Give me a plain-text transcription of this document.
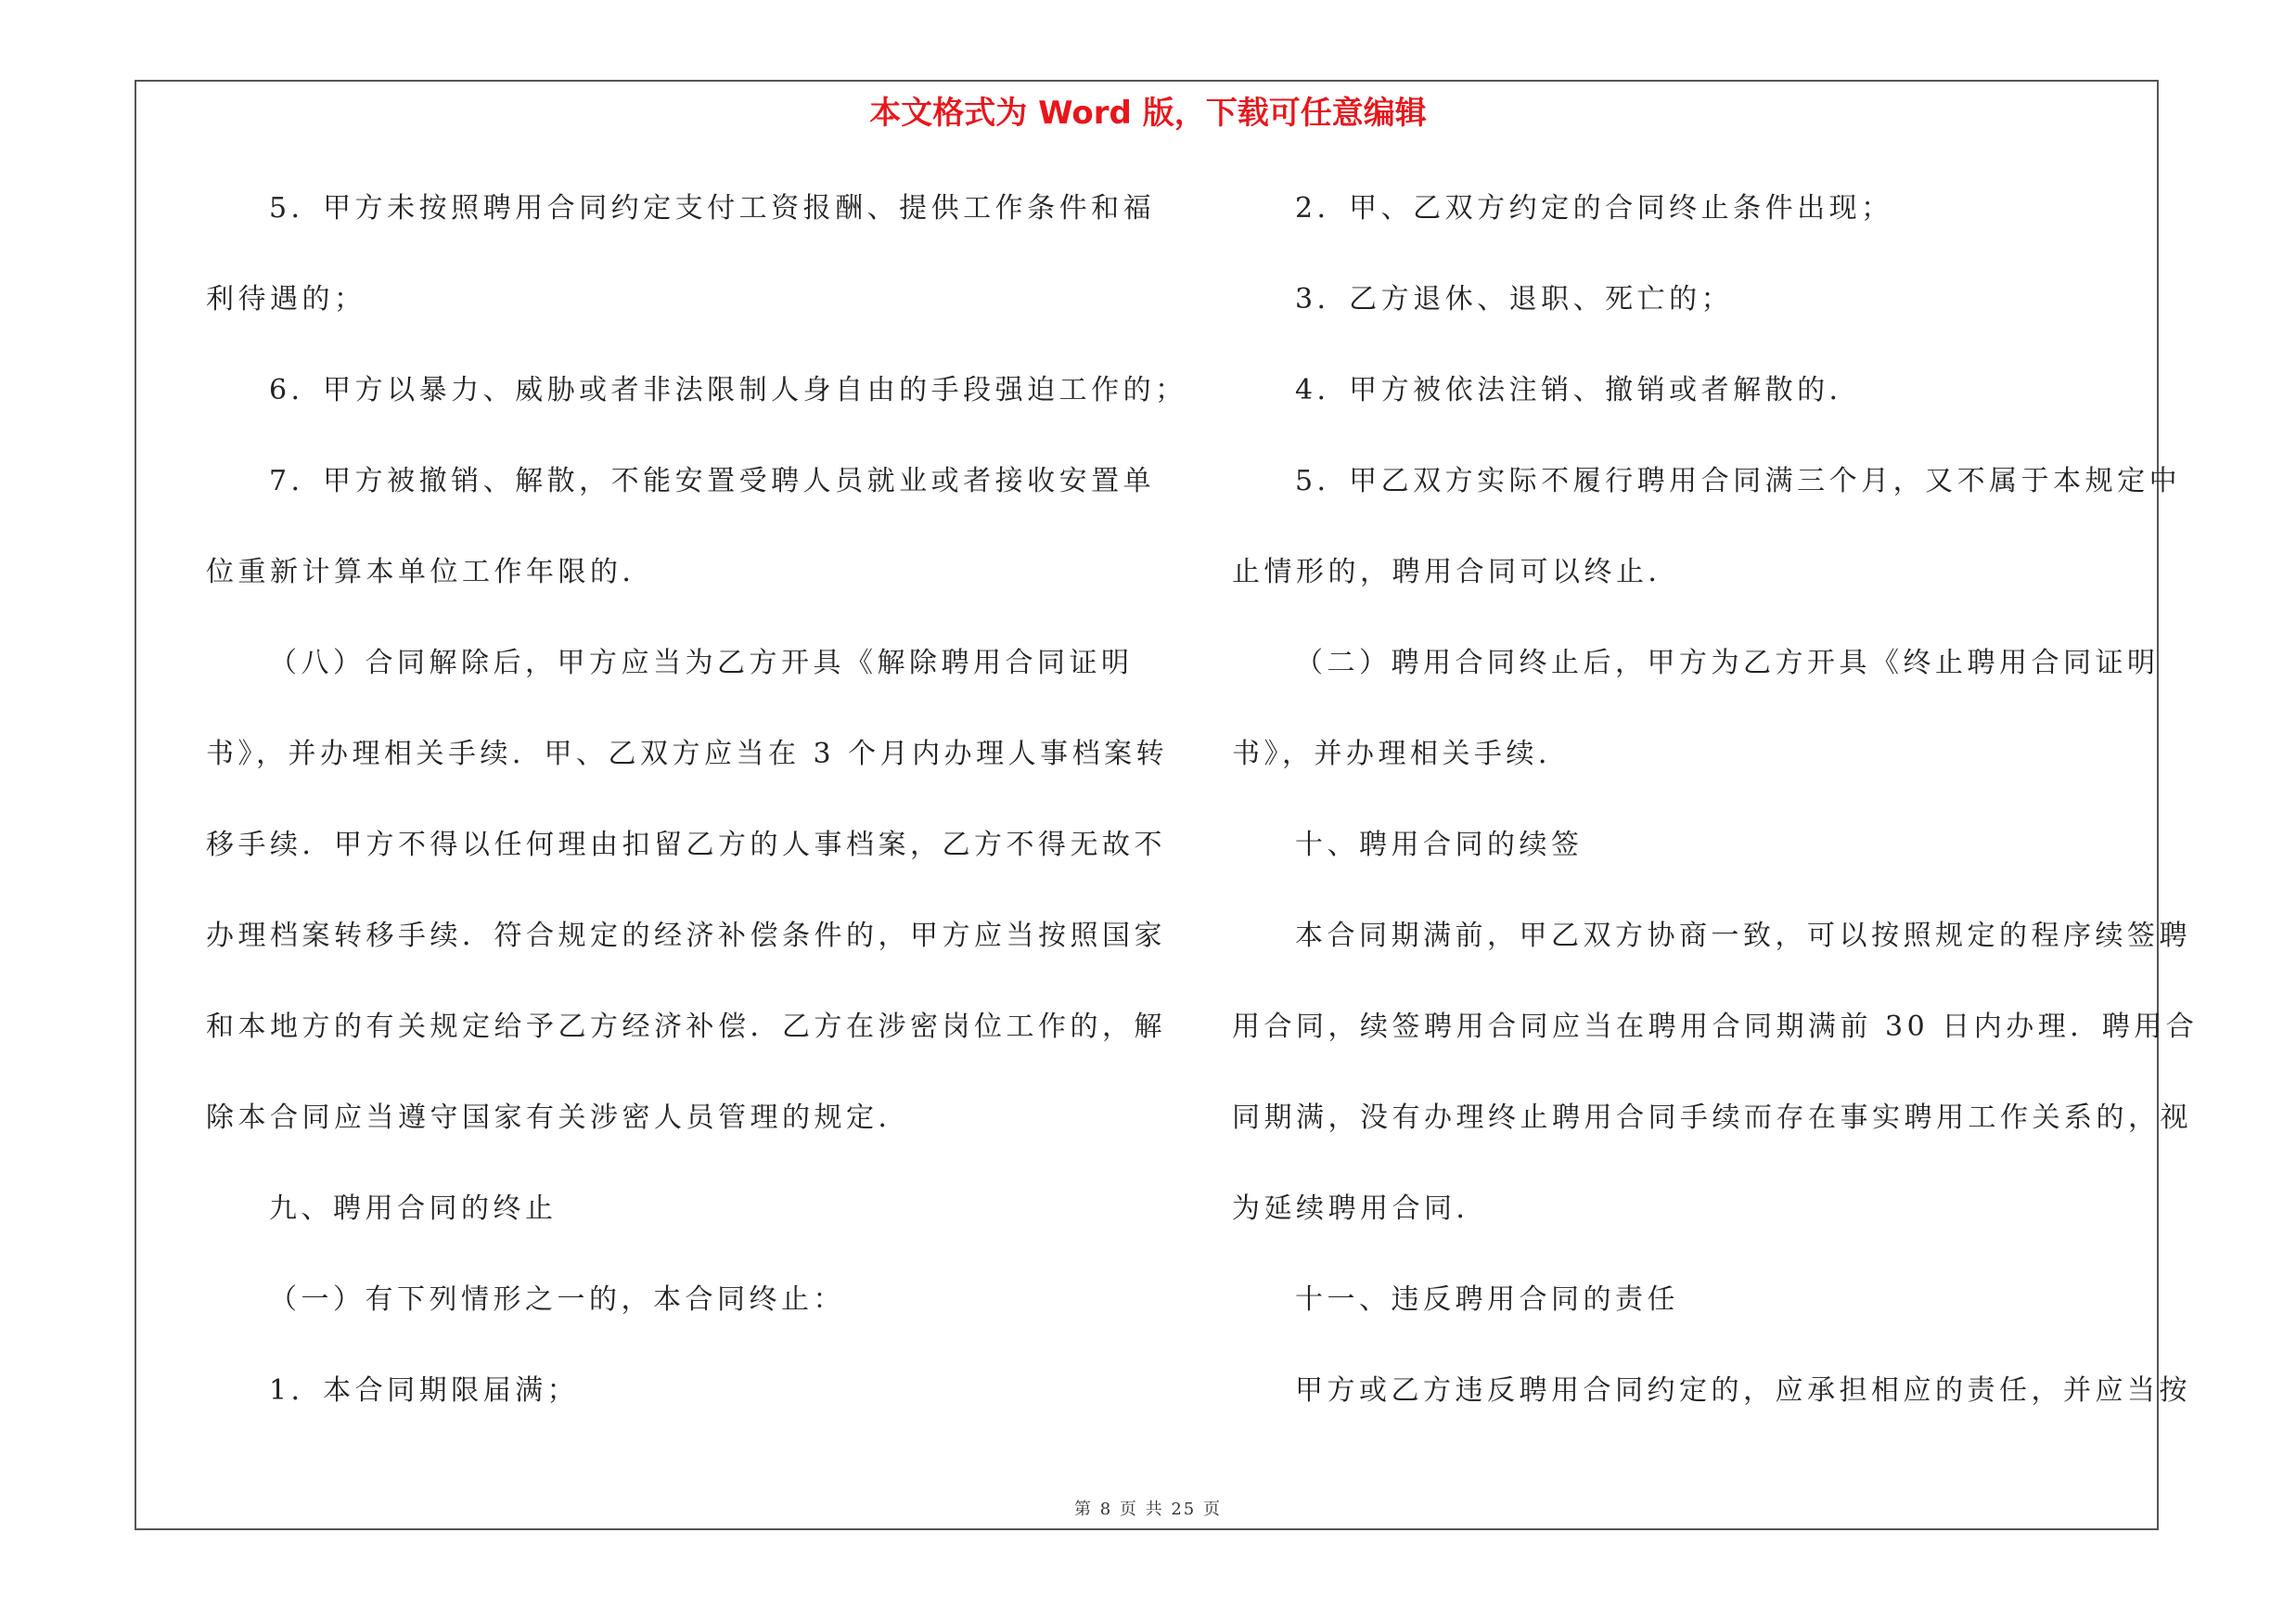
本文格式为 Word 版，下载可任意编辑
5．甲方未按照聘用合同约定支付工资报酬、提供工作条件和福
利待遇的；
6．甲方以暴力、威胁或者非法限制人身自由的手段强迫工作的；
7．甲方被撤销、解散，不能安置受聘人员就业或者接收安置单
位重新计算本单位工作年限的．
（八）合同解除后，甲方应当为乙方开具《解除聘用合同证明
书》，并办理相关手续．甲、乙双方应当在 3 个月内办理人事档案转
移手续．甲方不得以任何理由扣留乙方的人事档案，乙方不得无故不
办理档案转移手续．符合规定的经济补偿条件的，甲方应当按照国家
和本地方的有关规定给予乙方经济补偿．乙方在涉密岗位工作的，解
除本合同应当遵守国家有关涉密人员管理的规定．
九、聘用合同的终止
（一）有下列情形之一的，本合同终止：
1．本合同期限届满；
2．甲、乙双方约定的合同终止条件出现；
3．乙方退休、退职、死亡的；
4．甲方被依法注销、撤销或者解散的．
5．甲乙双方实际不履行聘用合同满三个月，又不属于本规定中
止情形的，聘用合同可以终止．
（二）聘用合同终止后，甲方为乙方开具《终止聘用合同证明
书》，并办理相关手续．
十、聘用合同的续签
本合同期满前，甲乙双方协商一致，可以按照规定的程序续签聘
用合同，续签聘用合同应当在聘用合同期满前 30 日内办理．聘用合
同期满，没有办理终止聘用合同手续而存在事实聘用工作关系的，视
为延续聘用合同．
十一、违反聘用合同的责任
甲方或乙方违反聘用合同约定的，应承担相应的责任，并应当按
第 8 页 共 25 页
